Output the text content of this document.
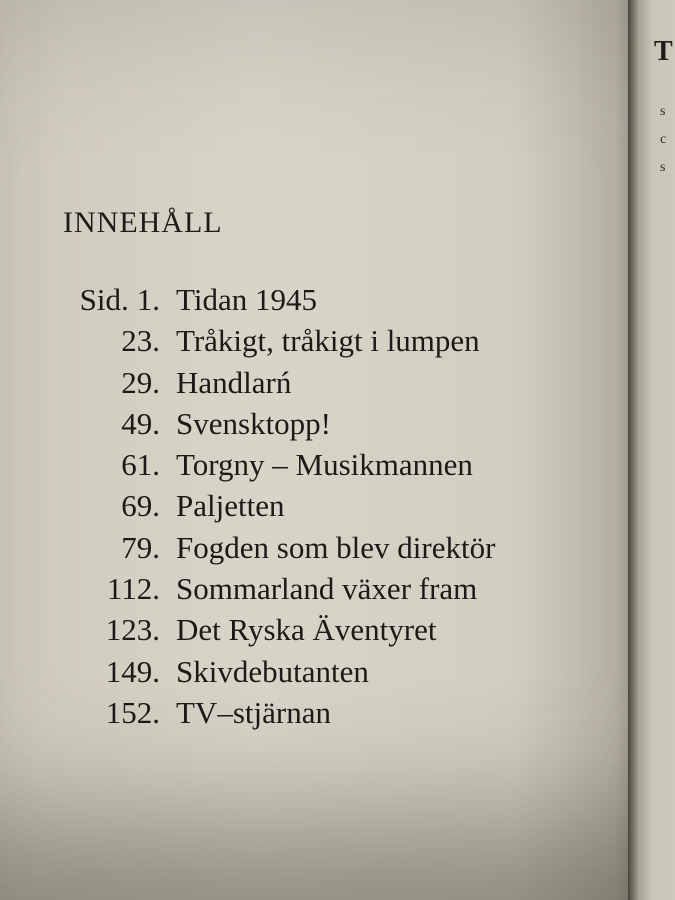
INNEHÅLL
Sid. 1. Tidan 1945
23. Tråkigt, tråkigt i lumpen
29. Handlarń
49. Svensktopp!
61. Torgny – Musikmannen
69. Paljetten
79. Fogden som blev direktör
112. Sommarland växer fram
123. Det Ryska Äventyret
149. Skivdebutanten
152. TV–stjärnan
T
s
c
s
